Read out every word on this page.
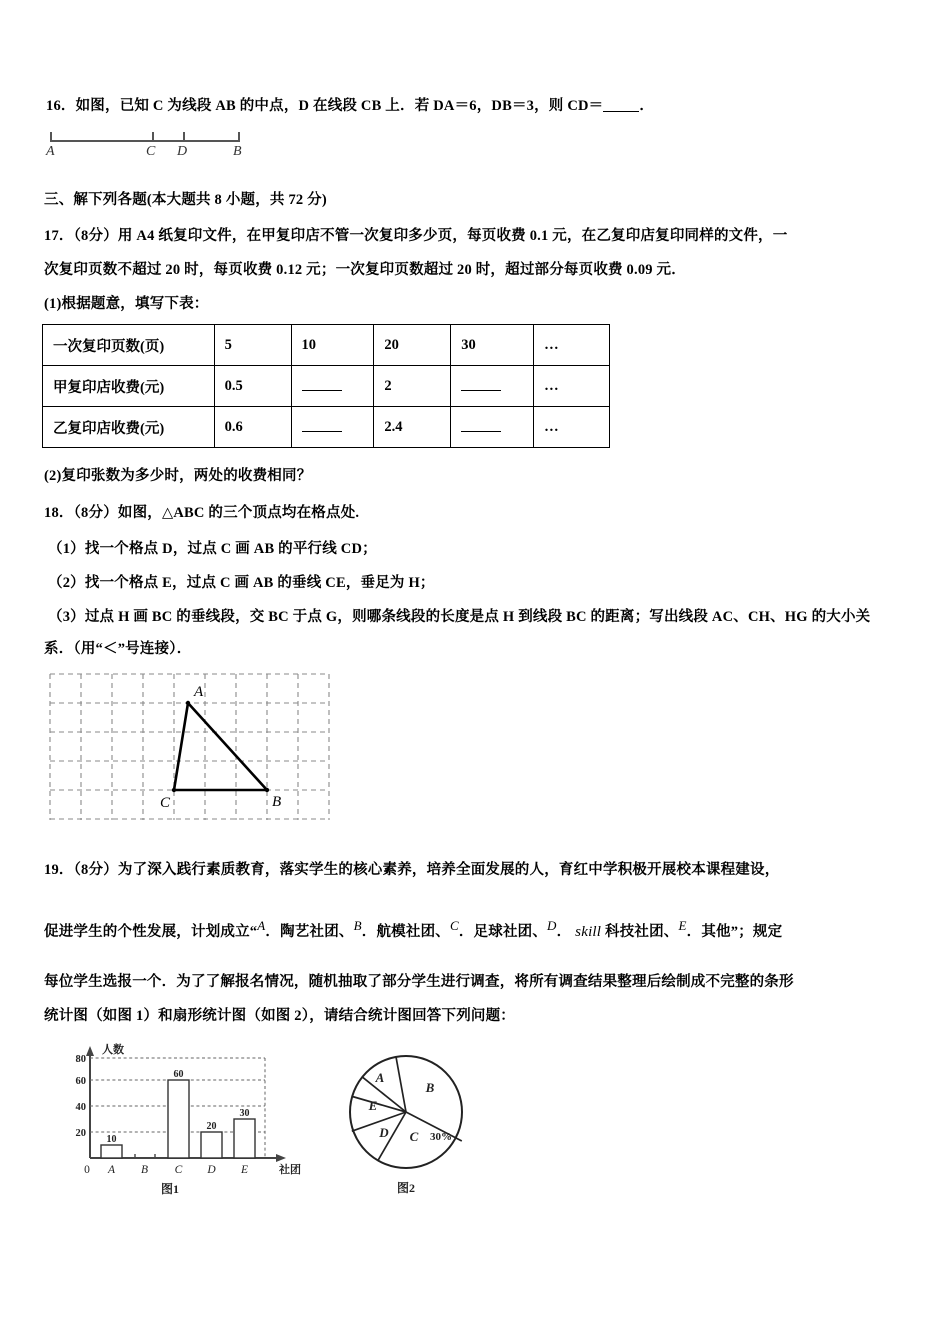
16．如图，已知 C 为线段 AB 的中点，D 在线段 CB 上．若 DA＝6，DB＝3，则 CD＝ ．
A	C D	B
三、解下列各题(本大题共 8 小题，共 72 分)
17．（8分）用 A4 纸复印文件，在甲复印店不管一次复印多少页，每页收费 0.1 元，在乙复印店复印同样的文件，一
次复印页数不超过 20 时，每页收费 0.12 元；一次复印页数超过 20 时，超过部分每页收费 0.09 元．
(1)根据题意，填写下表：
一次复印页数(页)	5	10	20	30	…
甲复印店收费(元)	0.5		2		…
乙复印店收费(元)	0.6		2.4		…
(2)复印张数为多少时，两处的收费相同？
18．（8分）如图，△ABC 的三个顶点均在格点处.
（1）找一个格点 D，过点 C 画 AB 的平行线 CD；
（2）找一个格点 E，过点 C 画 AB 的垂线 CE，垂足为 H；
（3）过点 H 画 BC 的垂线段，交 BC 于点 G，则哪条线段的长度是点 H 到线段 BC 的距离；写出线段 AC、CH、HG 的大小关
系．（用“＜”号连接）．
A
B
C
19．（8分）为了深入践行素质教育，落实学生的核心素养，培养全面发展的人，育红中学积极开展校本课程建设，
促进学生的个性发展，计划成立“A．陶艺社团、B．航模社团、C．足球社团、D． skill 科技社团、E．其他”；规定
每位学生选报一个．为了了解报名情况，随机抽取了部分学生进行调查，将所有调查结果整理后绘制成不完整的条形
统计图（如图 1）和扇形统计图（如图 2），请结合统计图回答下列问题：
20
40
60
80
人数
10
60
20
30
0 A B C D E	社团
图1
A
B
C
D
E
30%
图2
